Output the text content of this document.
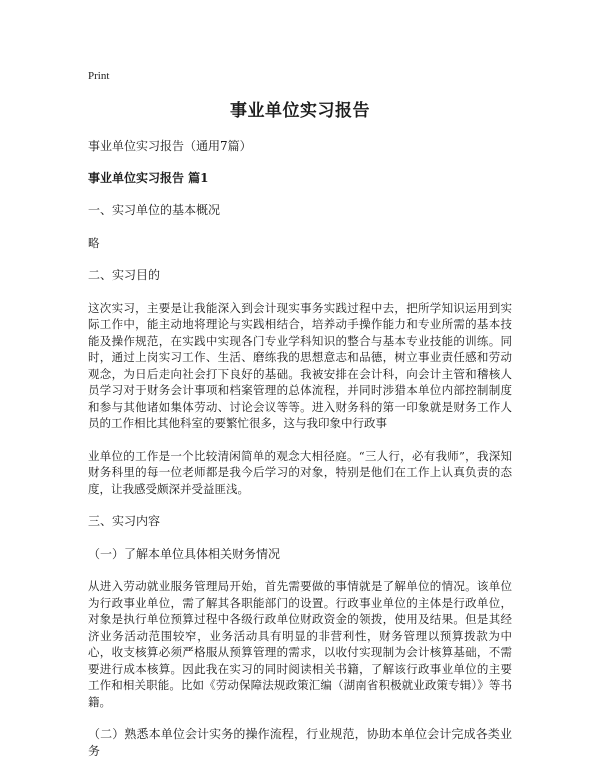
Print
事业单位实习报告
事业单位实习报告（通用7篇）
事业单位实习报告 篇1
一、实习单位的基本概况
略
二、实习目的
这次实习，主要是让我能深入到会计现实事务实践过程中去，把所学知识运用到实际工作中，能主动地将理论与实践相结合，培养动手操作能力和专业所需的基本技能及操作规范，在实践中实现各门专业学科知识的整合与基本专业技能的训练。同时，通过上岗实习工作、生活、磨练我的思想意志和品德，树立事业责任感和劳动观念，为日后走向社会打下良好的基础。我被安排在会计科，向会计主管和稽核人员学习对于财务会计事项和档案管理的总体流程，并同时涉猎本单位内部控制制度和参与其他诸如集体劳动、讨论会议等等。进入财务科的第一印象就是财务工作人员的工作相比其他科室的要繁忙很多，这与我印象中行政事
业单位的工作是一个比较清闲简单的观念大相径庭。“三人行，必有我师”，我深知财务科里的每一位老师都是我今后学习的对象，特别是他们在工作上认真负责的态度，让我感受颇深并受益匪浅。
三、实习内容
（一）了解本单位具体相关财务情况
从进入劳动就业服务管理局开始，首先需要做的事情就是了解单位的情况。该单位为行政事业单位，需了解其各职能部门的设置。行政事业单位的主体是行政单位，对象是执行单位预算过程中各级行政单位财政资金的领拨，使用及结果。但是其经济业务活动范围较窄，业务活动具有明显的非营利性，财务管理以预算拨款为中心，收支核算必须严格服从预算管理的需求，以收付实现制为会计核算基础，不需要进行成本核算。因此我在实习的同时阅读相关书籍，了解该行政事业单位的主要工作和相关职能。比如《劳动保障法规政策汇编（湖南省积极就业政策专辑）》等书籍。
（二）熟悉本单位会计实务的操作流程，行业规范，协助本单位会计完成各类业务
